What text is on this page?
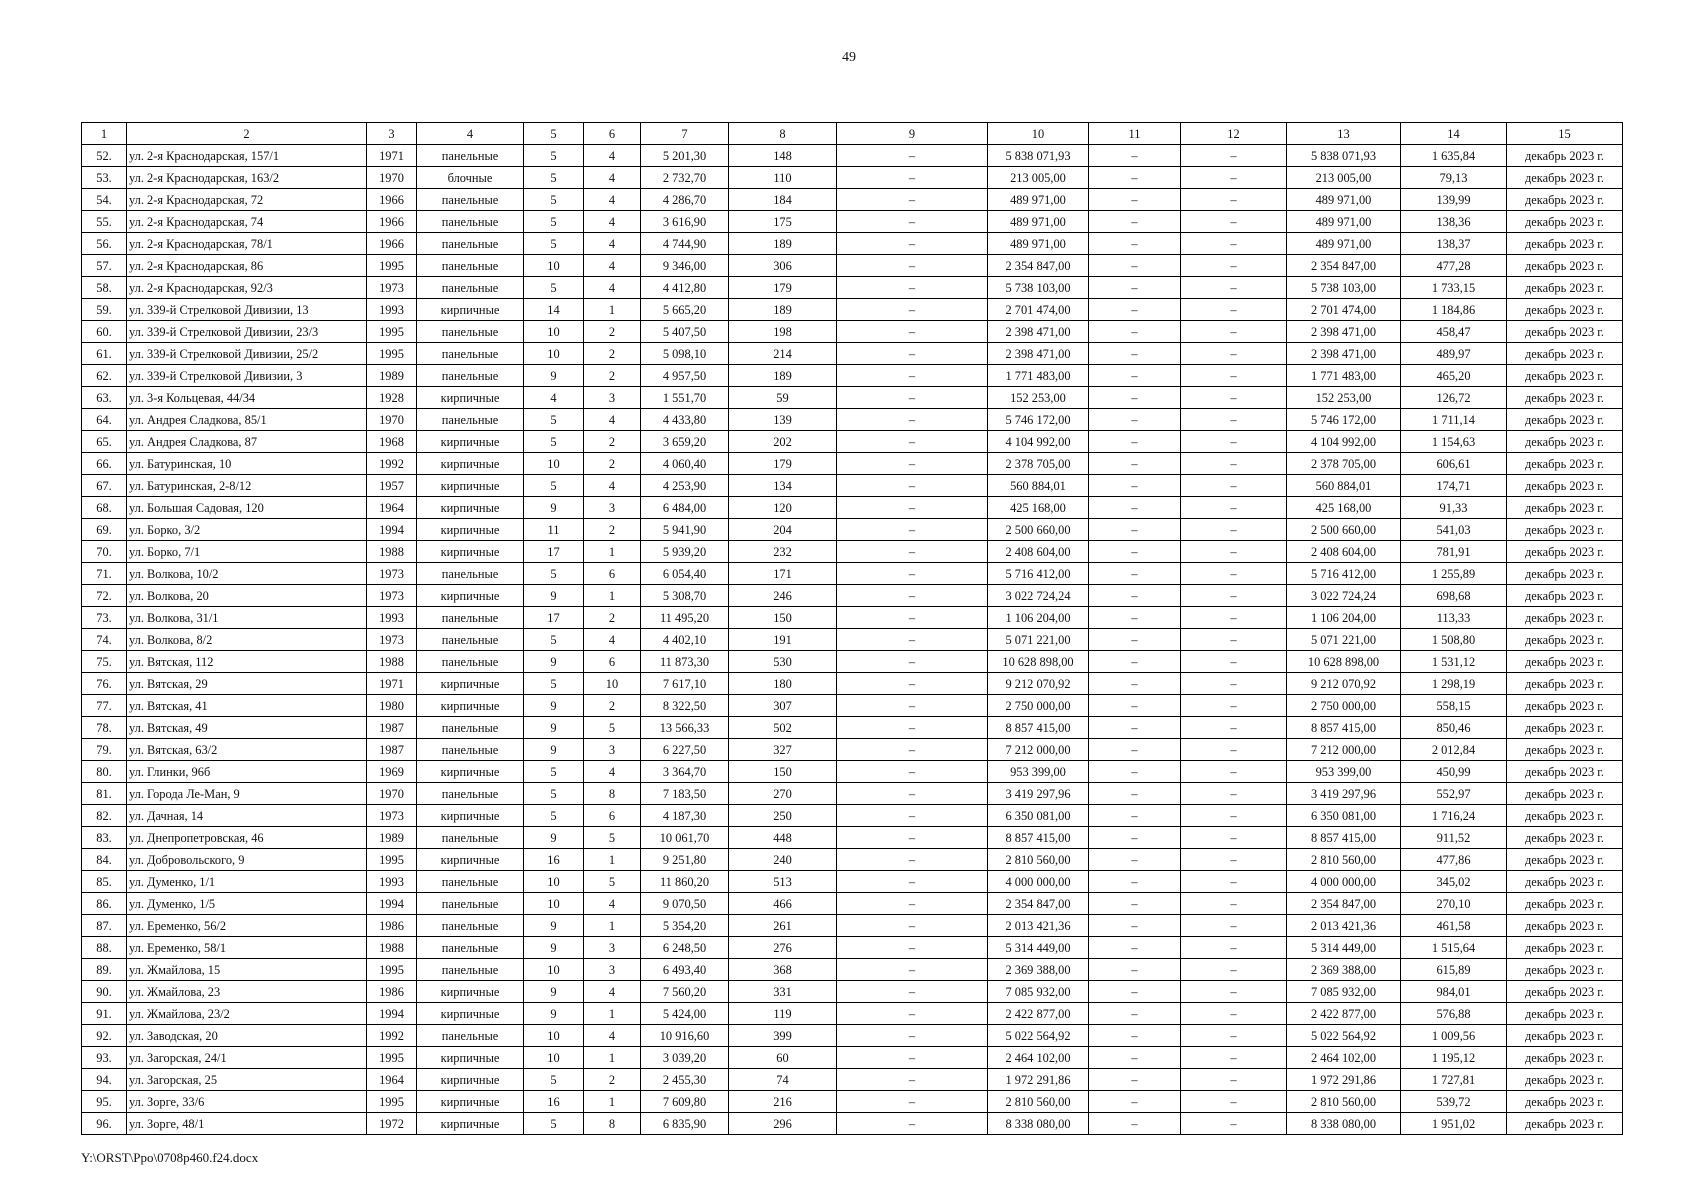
49
1	2	3	4	5	6	7	8	9	10	11	12	13	14	15
52.	ул. 2-я Краснодарская, 157/1	1971	панельные	5	4	5 201,30	148	–	5 838 071,93	–	–	5 838 071,93	1 635,84	декабрь 2023 г.
53.	ул. 2-я Краснодарская, 163/2	1970	блочные	5	4	2 732,70	110	–	213 005,00	–	–	213 005,00	79,13	декабрь 2023 г.
54.	ул. 2-я Краснодарская, 72	1966	панельные	5	4	4 286,70	184	–	489 971,00	–	–	489 971,00	139,99	декабрь 2023 г.
55.	ул. 2-я Краснодарская, 74	1966	панельные	5	4	3 616,90	175	–	489 971,00	–	–	489 971,00	138,36	декабрь 2023 г.
56.	ул. 2-я Краснодарская, 78/1	1966	панельные	5	4	4 744,90	189	–	489 971,00	–	–	489 971,00	138,37	декабрь 2023 г.
57.	ул. 2-я Краснодарская, 86	1995	панельные	10	4	9 346,00	306	–	2 354 847,00	–	–	2 354 847,00	477,28	декабрь 2023 г.
58.	ул. 2-я Краснодарская, 92/3	1973	панельные	5	4	4 412,80	179	–	5 738 103,00	–	–	5 738 103,00	1 733,15	декабрь 2023 г.
59.	ул. 339-й Стрелковой Дивизии, 13	1993	кирпичные	14	1	5 665,20	189	–	2 701 474,00	–	–	2 701 474,00	1 184,86	декабрь 2023 г.
60.	ул. 339-й Стрелковой Дивизии, 23/3	1995	панельные	10	2	5 407,50	198	–	2 398 471,00	–	–	2 398 471,00	458,47	декабрь 2023 г.
61.	ул. 339-й Стрелковой Дивизии, 25/2	1995	панельные	10	2	5 098,10	214	–	2 398 471,00	–	–	2 398 471,00	489,97	декабрь 2023 г.
62.	ул. 339-й Стрелковой Дивизии, 3	1989	панельные	9	2	4 957,50	189	–	1 771 483,00	–	–	1 771 483,00	465,20	декабрь 2023 г.
63.	ул. 3-я Кольцевая, 44/34	1928	кирпичные	4	3	1 551,70	59	–	152 253,00	–	–	152 253,00	126,72	декабрь 2023 г.
64.	ул. Андрея Сладкова, 85/1	1970	панельные	5	4	4 433,80	139	–	5 746 172,00	–	–	5 746 172,00	1 711,14	декабрь 2023 г.
65.	ул. Андрея Сладкова, 87	1968	кирпичные	5	2	3 659,20	202	–	4 104 992,00	–	–	4 104 992,00	1 154,63	декабрь 2023 г.
66.	ул. Батуринская, 10	1992	кирпичные	10	2	4 060,40	179	–	2 378 705,00	–	–	2 378 705,00	606,61	декабрь 2023 г.
67.	ул. Батуринская, 2-8/12	1957	кирпичные	5	4	4 253,90	134	–	560 884,01	–	–	560 884,01	174,71	декабрь 2023 г.
68.	ул. Большая Садовая, 120	1964	кирпичные	9	3	6 484,00	120	–	425 168,00	–	–	425 168,00	91,33	декабрь 2023 г.
69.	ул. Борко, 3/2	1994	кирпичные	11	2	5 941,90	204	–	2 500 660,00	–	–	2 500 660,00	541,03	декабрь 2023 г.
70.	ул. Борко, 7/1	1988	кирпичные	17	1	5 939,20	232	–	2 408 604,00	–	–	2 408 604,00	781,91	декабрь 2023 г.
71.	ул. Волкова, 10/2	1973	панельные	5	6	6 054,40	171	–	5 716 412,00	–	–	5 716 412,00	1 255,89	декабрь 2023 г.
72.	ул. Волкова, 20	1973	кирпичные	9	1	5 308,70	246	–	3 022 724,24	–	–	3 022 724,24	698,68	декабрь 2023 г.
73.	ул. Волкова, 31/1	1993	панельные	17	2	11 495,20	150	–	1 106 204,00	–	–	1 106 204,00	113,33	декабрь 2023 г.
74.	ул. Волкова, 8/2	1973	панельные	5	4	4 402,10	191	–	5 071 221,00	–	–	5 071 221,00	1 508,80	декабрь 2023 г.
75.	ул. Вятская, 112	1988	панельные	9	6	11 873,30	530	–	10 628 898,00	–	–	10 628 898,00	1 531,12	декабрь 2023 г.
76.	ул. Вятская, 29	1971	кирпичные	5	10	7 617,10	180	–	9 212 070,92	–	–	9 212 070,92	1 298,19	декабрь 2023 г.
77.	ул. Вятская, 41	1980	кирпичные	9	2	8 322,50	307	–	2 750 000,00	–	–	2 750 000,00	558,15	декабрь 2023 г.
78.	ул. Вятская, 49	1987	панельные	9	5	13 566,33	502	–	8 857 415,00	–	–	8 857 415,00	850,46	декабрь 2023 г.
79.	ул. Вятская, 63/2	1987	панельные	9	3	6 227,50	327	–	7 212 000,00	–	–	7 212 000,00	2 012,84	декабрь 2023 г.
80.	ул. Глинки, 96б	1969	кирпичные	5	4	3 364,70	150	–	953 399,00	–	–	953 399,00	450,99	декабрь 2023 г.
81.	ул. Города Ле-Ман, 9	1970	панельные	5	8	7 183,50	270	–	3 419 297,96	–	–	3 419 297,96	552,97	декабрь 2023 г.
82.	ул. Дачная, 14	1973	кирпичные	5	6	4 187,30	250	–	6 350 081,00	–	–	6 350 081,00	1 716,24	декабрь 2023 г.
83.	ул. Днепропетровская, 46	1989	панельные	9	5	10 061,70	448	–	8 857 415,00	–	–	8 857 415,00	911,52	декабрь 2023 г.
84.	ул. Добровольского, 9	1995	кирпичные	16	1	9 251,80	240	–	2 810 560,00	–	–	2 810 560,00	477,86	декабрь 2023 г.
85.	ул. Думенко, 1/1	1993	панельные	10	5	11 860,20	513	–	4 000 000,00	–	–	4 000 000,00	345,02	декабрь 2023 г.
86.	ул. Думенко, 1/5	1994	панельные	10	4	9 070,50	466	–	2 354 847,00	–	–	2 354 847,00	270,10	декабрь 2023 г.
87.	ул. Еременко, 56/2	1986	панельные	9	1	5 354,20	261	–	2 013 421,36	–	–	2 013 421,36	461,58	декабрь 2023 г.
88.	ул. Еременко, 58/1	1988	панельные	9	3	6 248,50	276	–	5 314 449,00	–	–	5 314 449,00	1 515,64	декабрь 2023 г.
89.	ул. Жмайлова, 15	1995	панельные	10	3	6 493,40	368	–	2 369 388,00	–	–	2 369 388,00	615,89	декабрь 2023 г.
90.	ул. Жмайлова, 23	1986	кирпичные	9	4	7 560,20	331	–	7 085 932,00	–	–	7 085 932,00	984,01	декабрь 2023 г.
91.	ул. Жмайлова, 23/2	1994	кирпичные	9	1	5 424,00	119	–	2 422 877,00	–	–	2 422 877,00	576,88	декабрь 2023 г.
92.	ул. Заводская, 20	1992	панельные	10	4	10 916,60	399	–	5 022 564,92	–	–	5 022 564,92	1 009,56	декабрь 2023 г.
93.	ул. Загорская, 24/1	1995	кирпичные	10	1	3 039,20	60	–	2 464 102,00	–	–	2 464 102,00	1 195,12	декабрь 2023 г.
94.	ул. Загорская, 25	1964	кирпичные	5	2	2 455,30	74	–	1 972 291,86	–	–	1 972 291,86	1 727,81	декабрь 2023 г.
95.	ул. Зорге, 33/6	1995	кирпичные	16	1	7 609,80	216	–	2 810 560,00	–	–	2 810 560,00	539,72	декабрь 2023 г.
96.	ул. Зорге, 48/1	1972	кирпичные	5	8	6 835,90	296	–	8 338 080,00	–	–	8 338 080,00	1 951,02	декабрь 2023 г.
Y:\ORST\Ppo\0708p460.f24.docx
